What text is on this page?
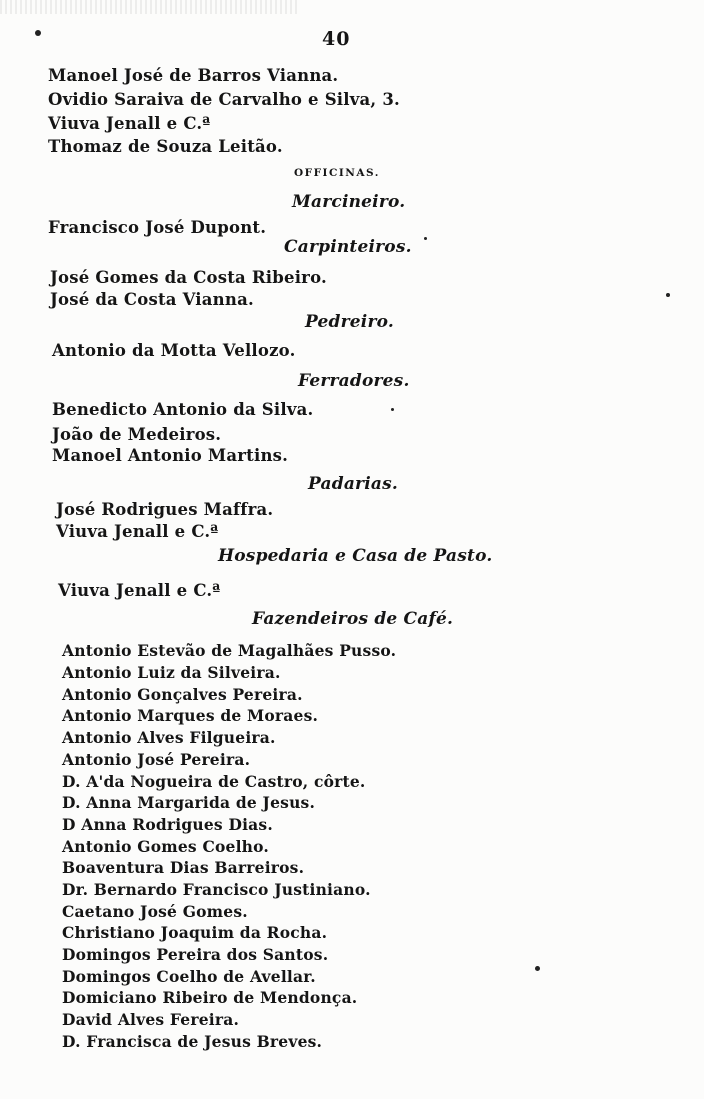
40
Manoel José de Barros Vianna.
Ovidio Saraiva de Carvalho e Silva, 3.
Viuva Jenall e C.ª
Thomaz de Souza Leitão.
OFFICINAS.
Marcineiro.
Francisco José Dupont.
Carpinteiros.
José Gomes da Costa Ribeiro.
José da Costa Vianna.
Pedreiro.
Antonio da Motta Vellozo.
Ferradores.
Benedicto Antonio da Silva.
João de Medeiros.
Manoel Antonio Martins.
Padarias.
José Rodrigues Maffra.
Viuva Jenall e C.ª
Hospedaria e Casa de Pasto.
Viuva Jenall e C.ª
Fazendeiros de Café.
Antonio Estevão de Magalhães Pusso.
Antonio Luiz da Silveira.
Antonio Gonçalves Pereira.
Antonio Marques de Moraes.
Antonio Alves Filgueira.
Antonio José Pereira.
D. A'da Nogueira de Castro, côrte.
D. Anna Margarida de Jesus.
D Anna Rodrigues Dias.
Antonio Gomes Coelho.
Boaventura Dias Barreiros.
Dr. Bernardo Francisco Justiniano.
Caetano José Gomes.
Christiano Joaquim da Rocha.
Domingos Pereira dos Santos.
Domingos Coelho de Avellar.
Domiciano Ribeiro de Mendonça.
David Alves Fereira.
D. Francisca de Jesus Breves.
